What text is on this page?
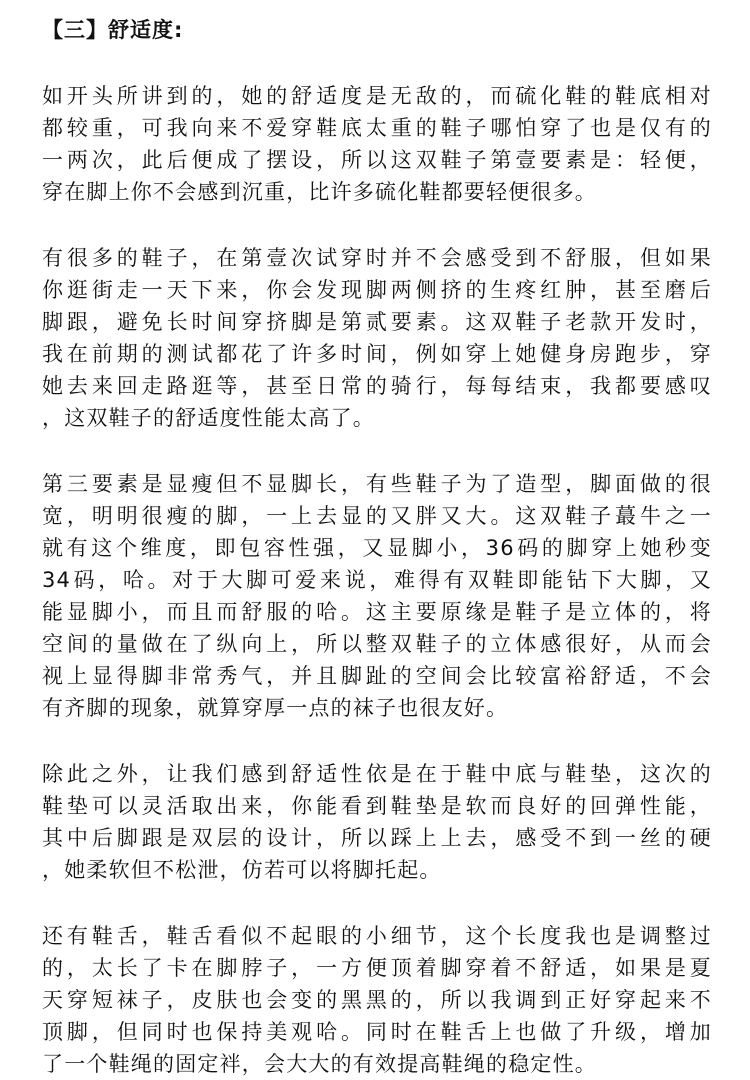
【三】舒适度:
如开头所讲到的，她的舒适度是无敌的，而硫化鞋的鞋底相对
都较重，可我向来不爱穿鞋底太重的鞋子哪怕穿了也是仅有的
一两次，此后便成了摆设，所以这双鞋子第壹要素是：轻便，
穿在脚上你不会感到沉重，比许多硫化鞋都要轻便很多。
有很多的鞋子，在第壹次试穿时并不会感受到不舒服，但如果
你逛街走一天下来，你会发现脚两侧挤的生疼红肿，甚至磨后
脚跟，避免长时间穿挤脚是第贰要素。这双鞋子老款开发时，
我在前期的测试都花了许多时间，例如穿上她健身房跑步，穿
她去来回走路逛等，甚至日常的骑行，每每结束，我都要感叹
，这双鞋子的舒适度性能太高了。
第三要素是显瘦但不显脚长，有些鞋子为了造型，脚面做的很
宽，明明很瘦的脚，一上去显的又胖又大。这双鞋子蕞牛之一
就有这个维度，即包容性强，又显脚小，36码的脚穿上她秒变
34码，哈。对于大脚可爱来说，难得有双鞋即能钻下大脚，又
能显脚小，而且而舒服的哈。这主要原缘是鞋子是立体的，将
空间的量做在了纵向上，所以整双鞋子的立体感很好，从而会
视上显得脚非常秀气，并且脚趾的空间会比较富裕舒适，不会
有齐脚的现象，就算穿厚一点的袜子也很友好。
除此之外，让我们感到舒适性依是在于鞋中底与鞋垫，这次的
鞋垫可以灵活取出来，你能看到鞋垫是软而良好的回弹性能，
其中后脚跟是双层的设计，所以踩上上去，感受不到一丝的硬
，她柔软但不松泄，仿若可以将脚托起。
还有鞋舌，鞋舌看似不起眼的小细节，这个长度我也是调整过
的，太长了卡在脚脖子，一方便顶着脚穿着不舒适，如果是夏
天穿短袜子，皮肤也会变的黑黑的，所以我调到正好穿起来不
顶脚，但同时也保持美观哈。同时在鞋舌上也做了升级，增加
了一个鞋绳的固定袢，会大大的有效提高鞋绳的稳定性。
